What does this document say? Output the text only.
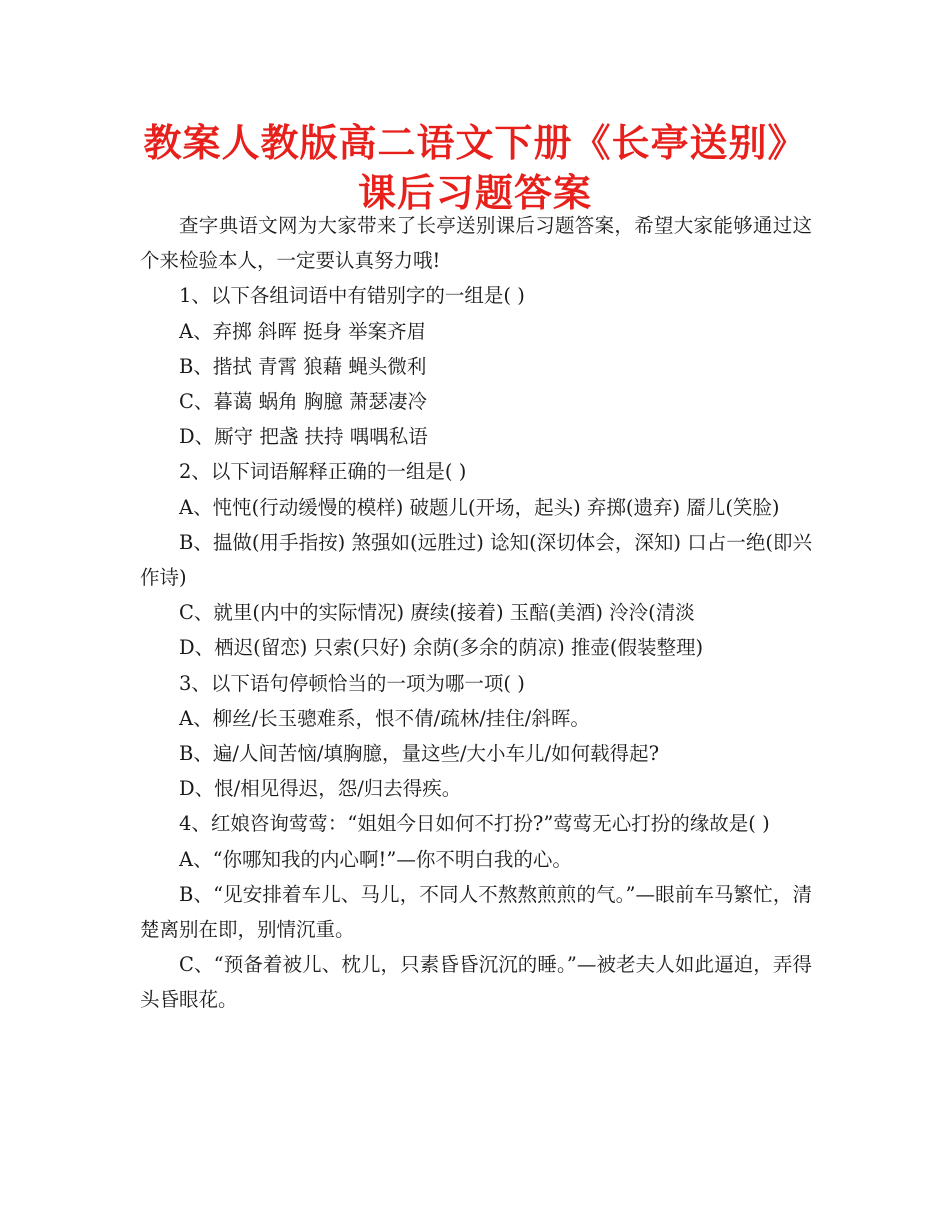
教案人教版高二语文下册《长亭送别》课后习题答案

查字典语文网为大家带来了长亭送别课后习题答案，希望大家能够通过这个来检验本人，一定要认真努力哦!

1、以下各组词语中有错别字的一组是( )

A、弃掷 斜晖 挺身 举案齐眉

B、揩拭 青霄 狼藉 蝇头微利

C、暮蔼 蜗角 胸臆 萧瑟凄冷

D、厮守 把盏 扶持 喁喁私语

2、以下词语解释正确的一组是( )

A、忳忳(行动缓慢的模样) 破题儿(开场，起头) 弃掷(遗弃) 靥儿(笑脸)

B、揾做(用手指按) 煞强如(远胜过) 谂知(深切体会，深知) 口占一绝(即兴作诗)

C、就里(内中的实际情况) 赓续(接着) 玉醅(美酒) 泠泠(清淡

D、栖迟(留恋) 只索(只好) 余荫(多余的荫凉) 推壶(假装整理)

3、以下语句停顿恰当的一项为哪一项( )

A、柳丝/长玉骢难系，恨不倩/疏林/挂住/斜晖。

B、遍/人间苦恼/填胸臆，量这些/大小车儿/如何载得起?

D、恨/相见得迟，怨/归去得疾。

4、红娘咨询莺莺：“姐姐今日如何不打扮?”莺莺无心打扮的缘故是( )

A、“你哪知我的内心啊!”—你不明白我的心。

B、“见安排着车儿、马儿，不同人不熬熬煎煎的气。”—眼前车马繁忙，清楚离别在即，别情沉重。

C、“预备着被儿、枕儿，只素昏昏沉沉的睡。”—被老夫人如此逼迫，弄得头昏眼花。
